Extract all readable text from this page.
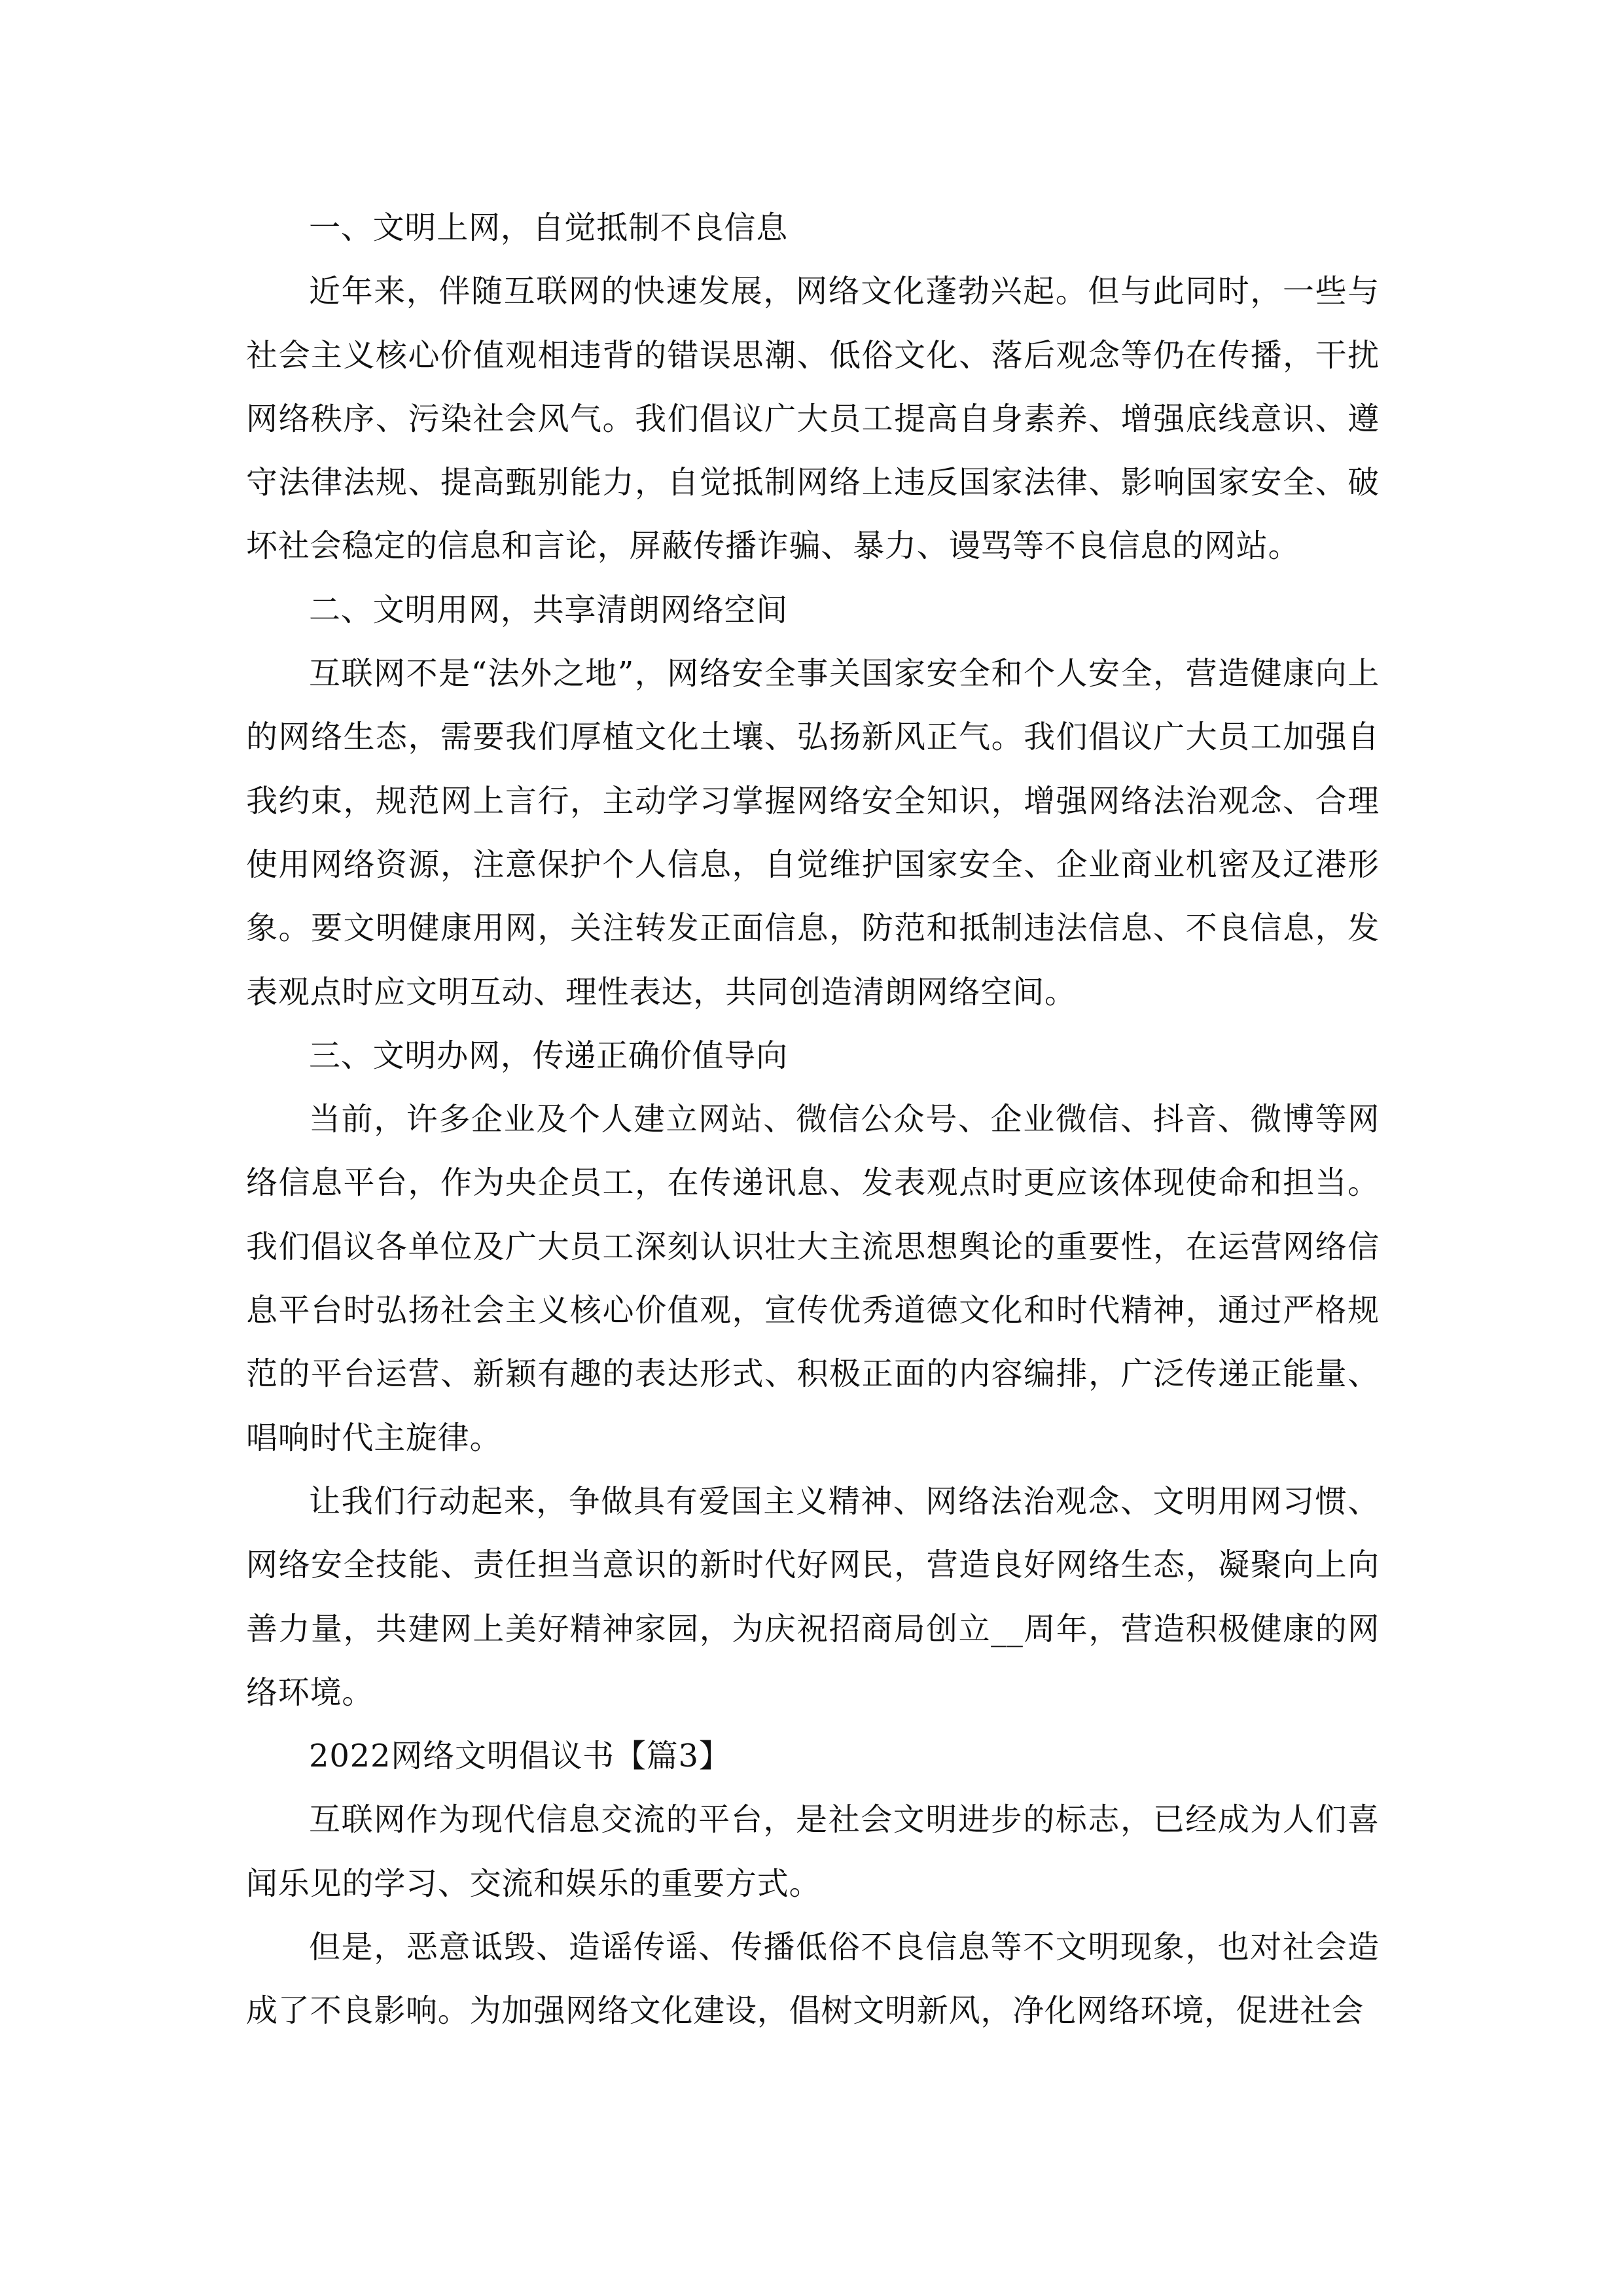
一、文明上网，自觉抵制不良信息

近年来，伴随互联网的快速发展，网络文化蓬勃兴起。但与此同时，一些与社会主义核心价值观相违背的错误思潮、低俗文化、落后观念等仍在传播，干扰网络秩序、污染社会风气。我们倡议广大员工提高自身素养、增强底线意识、遵守法律法规、提高甄别能力，自觉抵制网络上违反国家法律、影响国家安全、破坏社会稳定的信息和言论，屏蔽传播诈骗、暴力、谩骂等不良信息的网站。

二、文明用网，共享清朗网络空间

互联网不是“法外之地”，网络安全事关国家安全和个人安全，营造健康向上的网络生态，需要我们厚植文化土壤、弘扬新风正气。我们倡议广大员工加强自我约束，规范网上言行，主动学习掌握网络安全知识，增强网络法治观念、合理使用网络资源，注意保护个人信息，自觉维护国家安全、企业商业机密及辽港形象。要文明健康用网，关注转发正面信息，防范和抵制违法信息、不良信息，发表观点时应文明互动、理性表达，共同创造清朗网络空间。

三、文明办网，传递正确价值导向

当前，许多企业及个人建立网站、微信公众号、企业微信、抖音、微博等网络信息平台，作为央企员工，在传递讯息、发表观点时更应该体现使命和担当。我们倡议各单位及广大员工深刻认识壮大主流思想舆论的重要性，在运营网络信息平台时弘扬社会主义核心价值观，宣传优秀道德文化和时代精神，通过严格规范的平台运营、新颖有趣的表达形式、积极正面的内容编排，广泛传递正能量、唱响时代主旋律。

让我们行动起来，争做具有爱国主义精神、网络法治观念、文明用网习惯、网络安全技能、责任担当意识的新时代好网民，营造良好网络生态，凝聚向上向善力量，共建网上美好精神家园，为庆祝招商局创立__周年，营造积极健康的网络环境。

2022网络文明倡议书【篇3】

互联网作为现代信息交流的平台，是社会文明进步的标志，已经成为人们喜闻乐见的学习、交流和娱乐的重要方式。

但是，恶意诋毁、造谣传谣、传播低俗不良信息等不文明现象，也对社会造成了不良影响。为加强网络文化建设，倡树文明新风，净化网络环境，促进社会
